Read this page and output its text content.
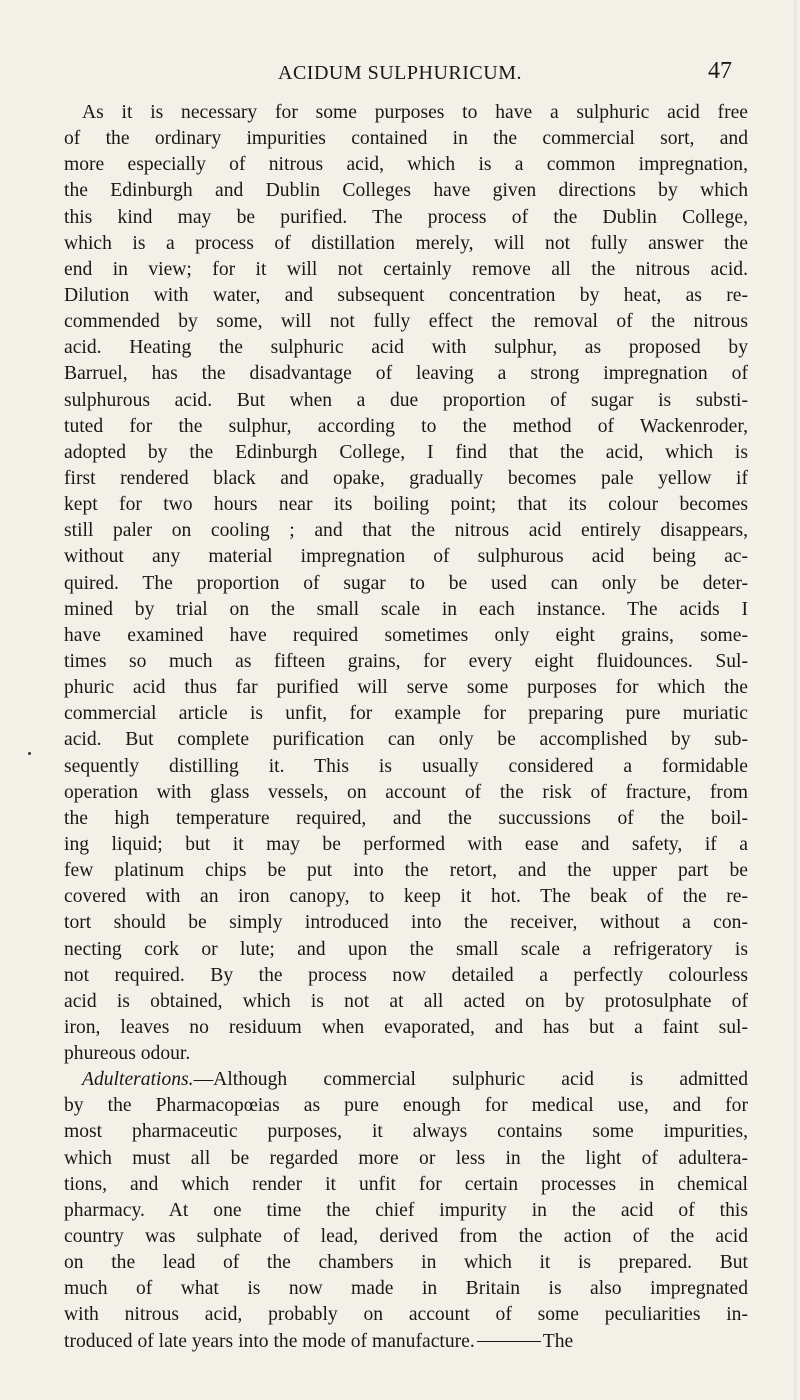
ACIDUM SULPHURICUM.	47
As it is necessary for some purposes to have a sulphuric acid free
of the ordinary impurities contained in the commercial sort, and
more especially of nitrous acid, which is a common impregnation,
the Edinburgh and Dublin Colleges have given directions by which
this kind may be purified. The process of the Dublin College,
which is a process of distillation merely, will not fully answer the
end in view; for it will not certainly remove all the nitrous acid.
Dilution with water, and subsequent concentration by heat, as re-
commended by some, will not fully effect the removal of the nitrous
acid. Heating the sulphuric acid with sulphur, as proposed by
Barruel, has the disadvantage of leaving a strong impregnation of
sulphurous acid. But when a due proportion of sugar is substi-
tuted for the sulphur, according to the method of Wackenroder,
adopted by the Edinburgh College, I find that the acid, which is
first rendered black and opake, gradually becomes pale yellow if
kept for two hours near its boiling point; that its colour becomes
still paler on cooling ; and that the nitrous acid entirely disappears,
without any material impregnation of sulphurous acid being ac-
quired. The proportion of sugar to be used can only be deter-
mined by trial on the small scale in each instance. The acids I
have examined have required sometimes only eight grains, some-
times so much as fifteen grains, for every eight fluidounces. Sul-
phuric acid thus far purified will serve some purposes for which the
commercial article is unfit, for example for preparing pure muriatic
acid. But complete purification can only be accomplished by sub-
sequently distilling it. This is usually considered a formidable
operation with glass vessels, on account of the risk of fracture, from
the high temperature required, and the succussions of the boil-
ing liquid; but it may be performed with ease and safety, if a
few platinum chips be put into the retort, and the upper part be
covered with an iron canopy, to keep it hot. The beak of the re-
tort should be simply introduced into the receiver, without a con-
necting cork or lute; and upon the small scale a refrigeratory is
not required. By the process now detailed a perfectly colourless
acid is obtained, which is not at all acted on by protosulphate of
iron, leaves no residuum when evaporated, and has but a faint sul-
phureous odour.
Adulterations.—Although commercial sulphuric acid is admitted
by the Pharmacopœias as pure enough for medical use, and for
most pharmaceutic purposes, it always contains some impurities,
which must all be regarded more or less in the light of adultera-
tions, and which render it unfit for certain processes in chemical
pharmacy. At one time the chief impurity in the acid of this
country was sulphate of lead, derived from the action of the acid
on the lead of the chambers in which it is prepared. But
much of what is now made in Britain is also impregnated
with nitrous acid, probably on account of some peculiarities in-
troduced of late years into the mode of manufacture.	The
